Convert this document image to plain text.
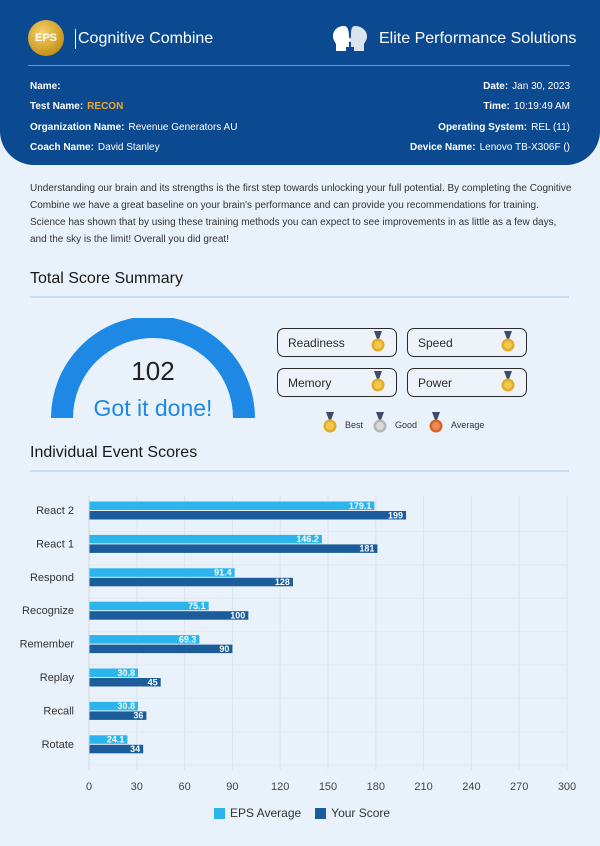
EPS Cognitive Combine	Elite Performance Solutions
Name:
Test Name: RECON
Organization Name: Revenue Generators AU
Coach Name: David Stanley
Date: Jan 30, 2023
Time: 10:19:49 AM
Operating System: REL (11)
Device Name: Lenovo TB-X306F ()
Understanding our brain and its strengths is the first step towards unlocking your full potential. By completing the Cognitive Combine we have a great baseline on your brain's performance and can provide you recommendations for training. Science has shown that by using these training methods you can expect to see improvements in as little as a few days, and the sky is the limit! Overall you did great!
Total Score Summary
102
Got it done!
Readiness	Speed
Memory	Power
Best	Good	Average
Individual Event Scores
0	30	60	90	120	150	180	210	240	270	300
React 2	179.1
199
React 1	146.2
181
Respond	91.4
128
Recognize	75.1
100
Remember	69.3
90
Replay	30.8
45
Recall	30.8
36
Rotate	24.1
34
EPS Average	Your Score
